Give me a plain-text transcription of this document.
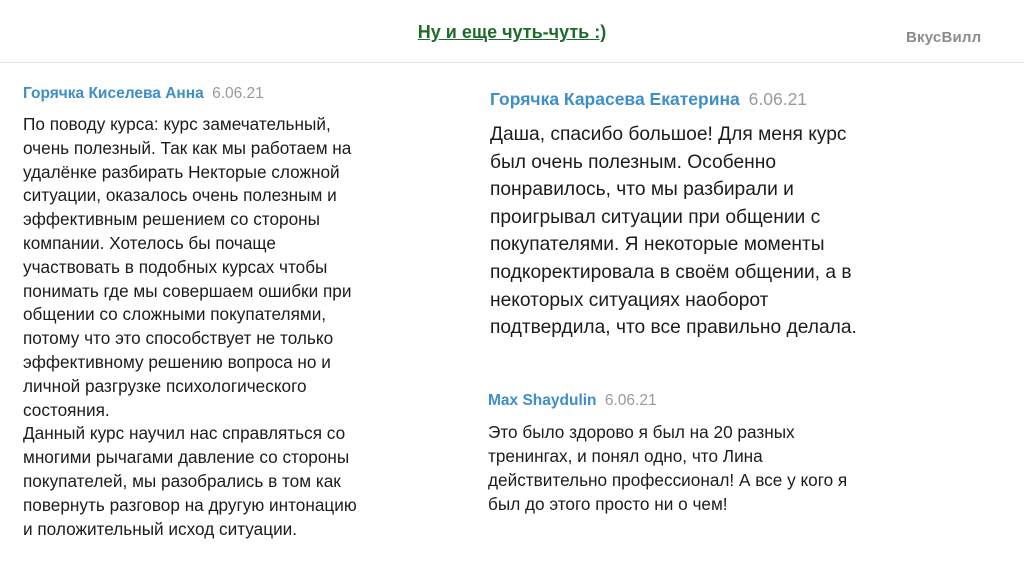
Ну и еще чуть-чуть :)	ВкусВилл
Горячка Киселева Анна 6.06.21

По поводу курса: курс замечательный,
очень полезный. Так как мы работаем на
удалёнке разбирать Некторые сложной
ситуации, оказалось очень полезным и
эффективным решением со стороны
компании. Хотелось бы почаще
участвовать в подобных курсах чтобы
понимать где мы совершаем ошибки при
общении со сложными покупателями,
потому что это способствует не только
эффективному решению вопроса но и
личной разгрузке психологического
состояния.
Данный курс научил нас справляться со
многими рычагами давление со стороны
покупателей, мы разобрались в том как
повернуть разговор на другую интонацию
и положительный исход ситуации.

Горячка Карасева Екатерина 6.06.21

Даша, спасибо большое! Для меня курс
был очень полезным. Особенно
понравилось, что мы разбирали и
проигрывал ситуации при общении с
покупателями. Я некоторые моменты
подкоректировала в своём общении, а в
некоторых ситуациях наоборот
подтвердила, что все правильно делала.

Max Shaydulin 6.06.21

Это было здорово я был на 20 разных
тренингах, и понял одно, что Лина
действительно профессионал! А все у кого я
был до этого просто ни о чем!
